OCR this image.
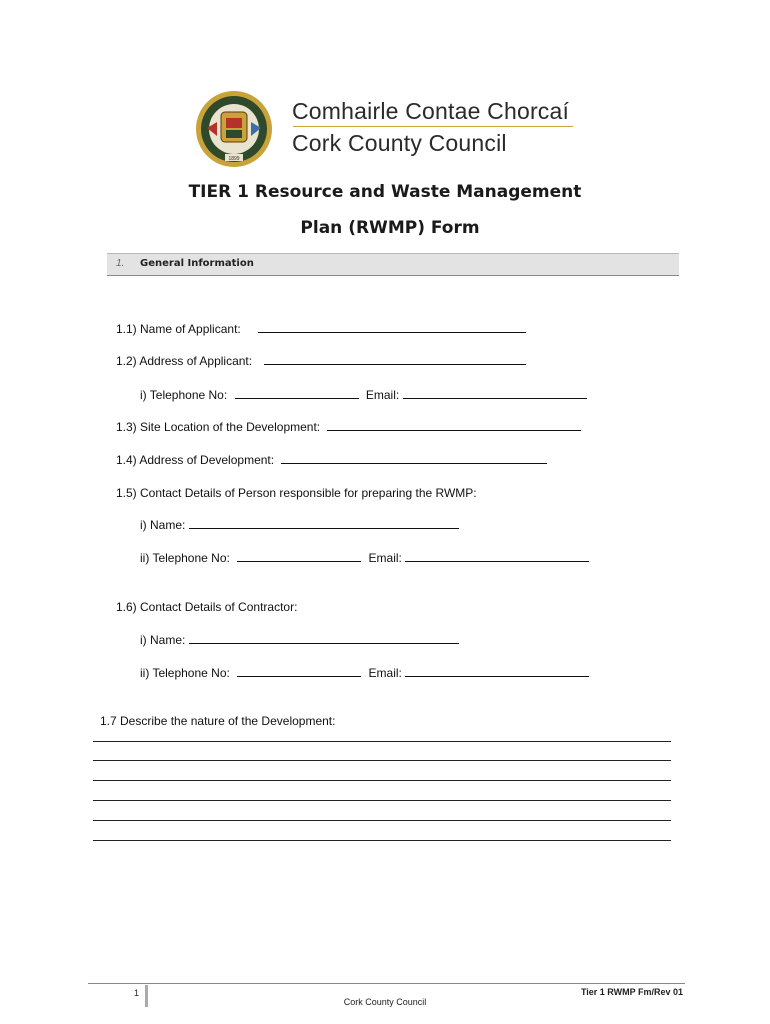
1899
Comhairle Contae Chorcaí
Cork County Council
TIER 1 Resource and Waste Management
Plan (RWMP) Form
1. General Information
1.1) Name of Applicant:
1.2) Address of Applicant:
i) Telephone No:	Email:
1.3) Site Location of the Development:
1.4) Address of Development:
1.5) Contact Details of Person responsible for preparing the RWMP:
i) Name:
ii) Telephone No:	Email:
1.6) Contact Details of Contractor:
i) Name:
ii) Telephone No:	Email:
1.7 Describe the nature of the Development:
1
Cork County Council
Tier 1 RWMP Fm/Rev 01
